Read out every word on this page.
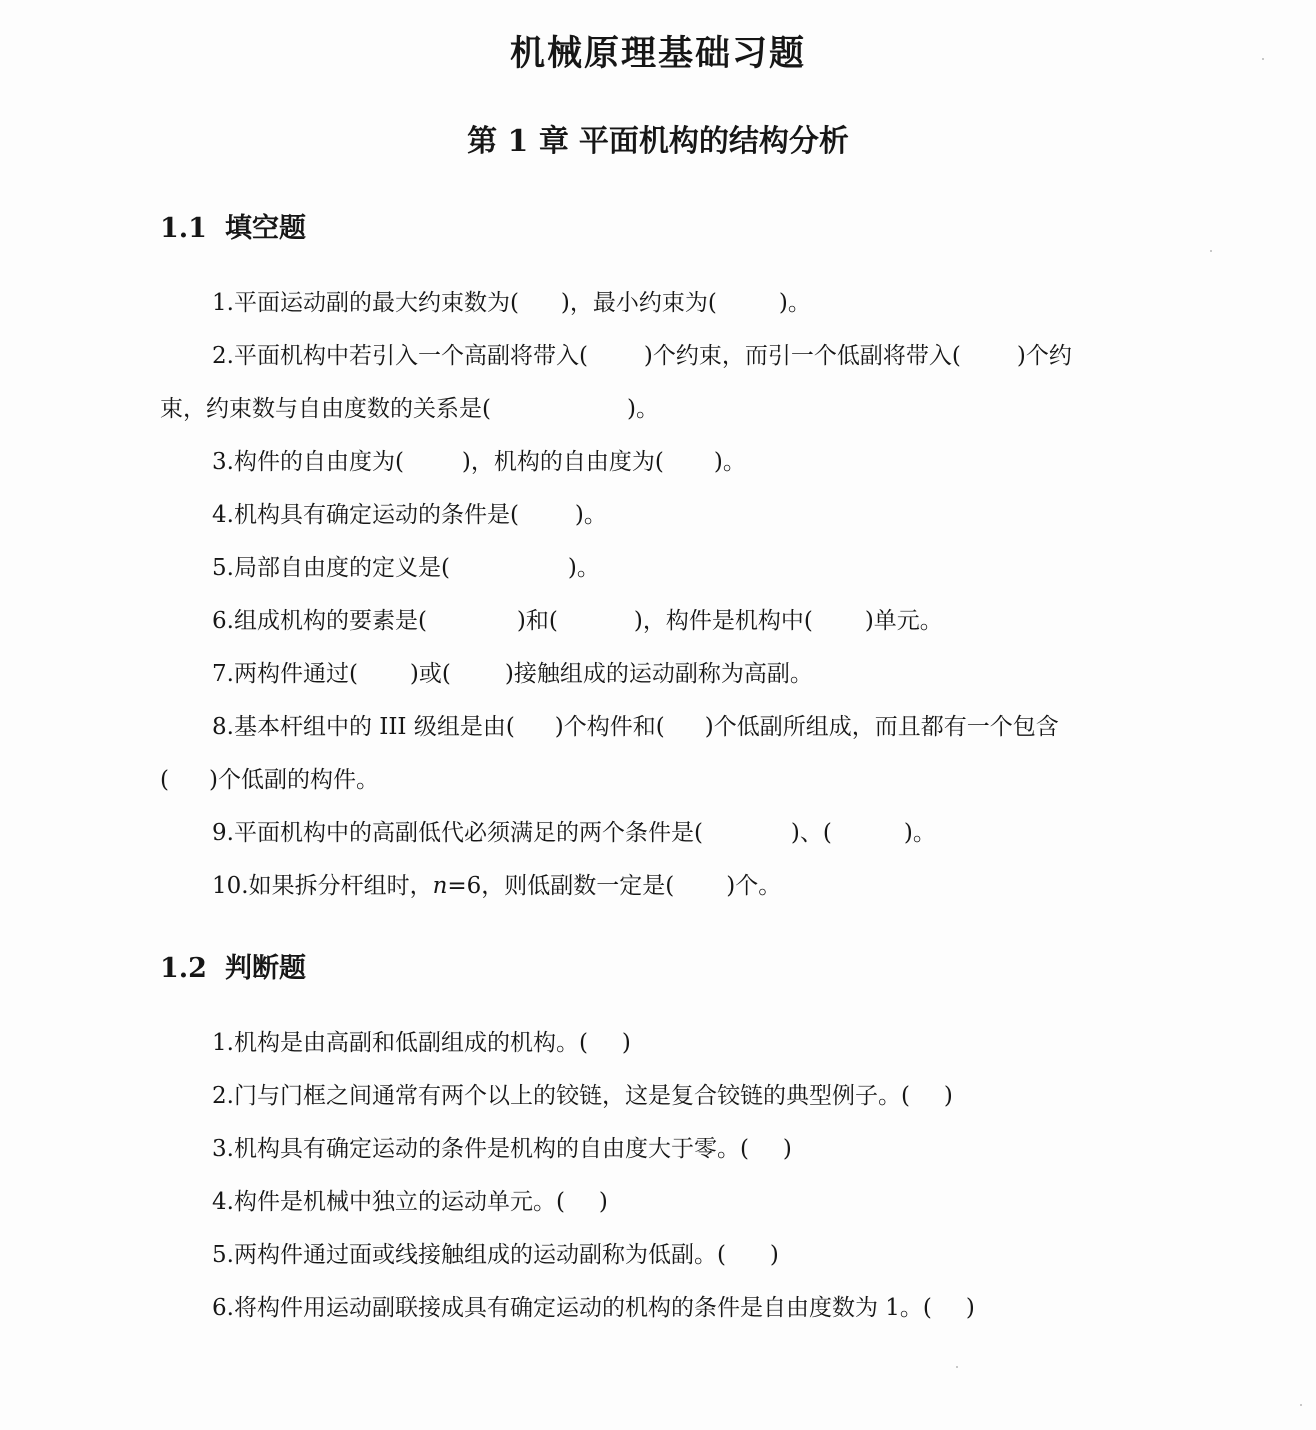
机械原理基础习题
第 1 章 平面机构的结构分析
1.1 填空题
1.平面运动副的最大约束数为( )，最小约束为(	)。
2.平面机构中若引入一个高副将带入( )个约束，而引一个低副将带入( )个约
束，约束数与自由度数的关系是(	)。
3.构件的自由度为(	)，机构的自由度为( )。
4.机构具有确定运动的条件是( )。
5.局部自由度的定义是(	)。
6.组成机构的要素是(	)和(	)，构件是机构中( )单元。
7.两构件通过( )或( )接触组成的运动副称为高副。
8.基本杆组中的 III 级组是由( )个构件和( )个低副所组成，而且都有一个包含
( )个低副的构件。
9.平面机构中的高副低代必须满足的两个条件是(	)、(	)。
10.如果拆分杆组时，n=6，则低副数一定是( )个。
1.2 判断题
1.机构是由高副和低副组成的机构。( )
2.门与门框之间通常有两个以上的铰链，这是复合铰链的典型例子。( )
3.机构具有确定运动的条件是机构的自由度大于零。( )
4.构件是机械中独立的运动单元。( )
5.两构件通过面或线接触组成的运动副称为低副。( )
6.将构件用运动副联接成具有确定运动的机构的条件是自由度数为 1。( )
